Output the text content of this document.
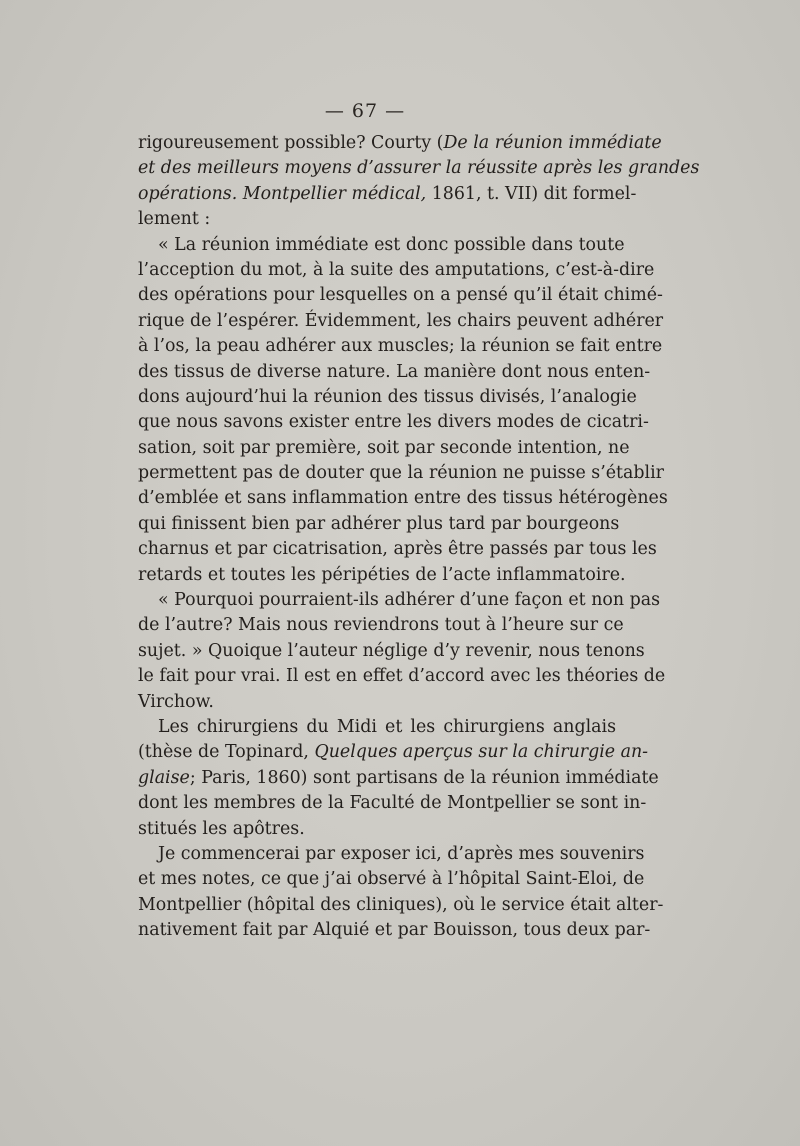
— 67 —
rigoureusement possible? Courty (De la réunion immédiate
et des meilleurs moyens d’assurer la réussite après les grandes
opérations. Montpellier médical, 1861, t. VII) dit formel-
lement :
« La réunion immédiate est donc possible dans toute
l’acception du mot, à la suite des amputations, c’est-à-dire
des opérations pour lesquelles on a pensé qu’il était chimé-
rique de l’espérer. Évidemment, les chairs peuvent adhérer
à l’os, la peau adhérer aux muscles; la réunion se fait entre
des tissus de diverse nature. La manière dont nous enten-
dons aujourd’hui la réunion des tissus divisés, l’analogie
que nous savons exister entre les divers modes de cicatri-
sation, soit par première, soit par seconde intention, ne
permettent pas de douter que la réunion ne puisse s’établir
d’emblée et sans inflammation entre des tissus hétérogènes
qui finissent bien par adhérer plus tard par bourgeons
charnus et par cicatrisation, après être passés par tous les
retards et toutes les péripéties de l’acte inflammatoire.
« Pourquoi pourraient-ils adhérer d’une façon et non pas
de l’autre? Mais nous reviendrons tout à l’heure sur ce
sujet. » Quoique l’auteur néglige d’y revenir, nous tenons
le fait pour vrai. Il est en effet d’accord avec les théories de
Virchow.
Les chirurgiens du Midi et les chirurgiens anglais
(thèse de Topinard, Quelques aperçus sur la chirurgie an-
glaise; Paris, 1860) sont partisans de la réunion immédiate
dont les membres de la Faculté de Montpellier se sont in-
stitués les apôtres.
Je commencerai par exposer ici, d’après mes souvenirs
et mes notes, ce que j’ai observé à l’hôpital Saint-Eloi, de
Montpellier (hôpital des cliniques), où le service était alter-
nativement fait par Alquié et par Bouisson, tous deux par-
